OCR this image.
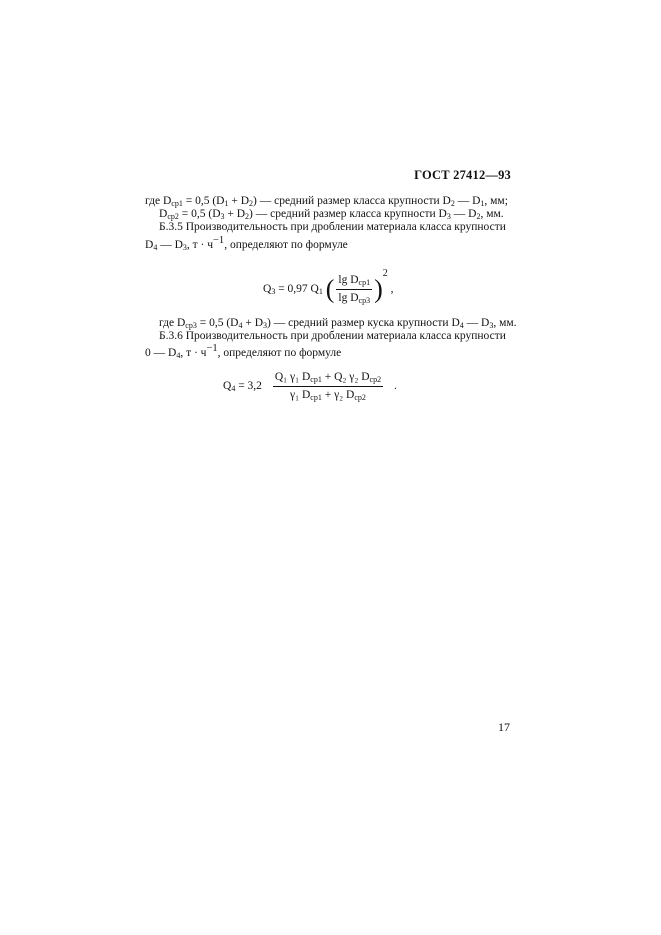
ГОСТ 27412—93
где $D_{ср1} = 0,5$ $(D_1 + D_2)$ — средний размер класса крупности $D_2$ — $D_1$, мм;
$D_{ср2} = 0,5$ $(D_3 + D_2)$ — средний размер класса крупности $D_3$ — $D_2$, мм.
Б.3.5 Производительность при дроблении материала класса крупности
$D_4$ — $D_3$, $т \cdot ч^{-1}$, определяют по формуле
$Q_3 = 0,97$ $Q_1$ ( $\frac{\lg D_{ср1}}{\lg D_{ср3}} )2$ ,
где $D_{ср3} = 0,5$ $(D_4 + D_3)$ — средний размер куска крупности $D_4$ — $D_3$, мм.
Б.3.6 Производительность при дроблении материала класса крупности
0 — $D_4$, $т \cdot ч^{-1}$, определяют по формуле
$Q_4 = 3,2 \frac{Q_1 \gamma_1 D_{ср1} + Q_2 \gamma_2 D_{ср2}}{\gamma_1 D_{ср1} + \gamma_2 D_{ср2}}$ .
17
